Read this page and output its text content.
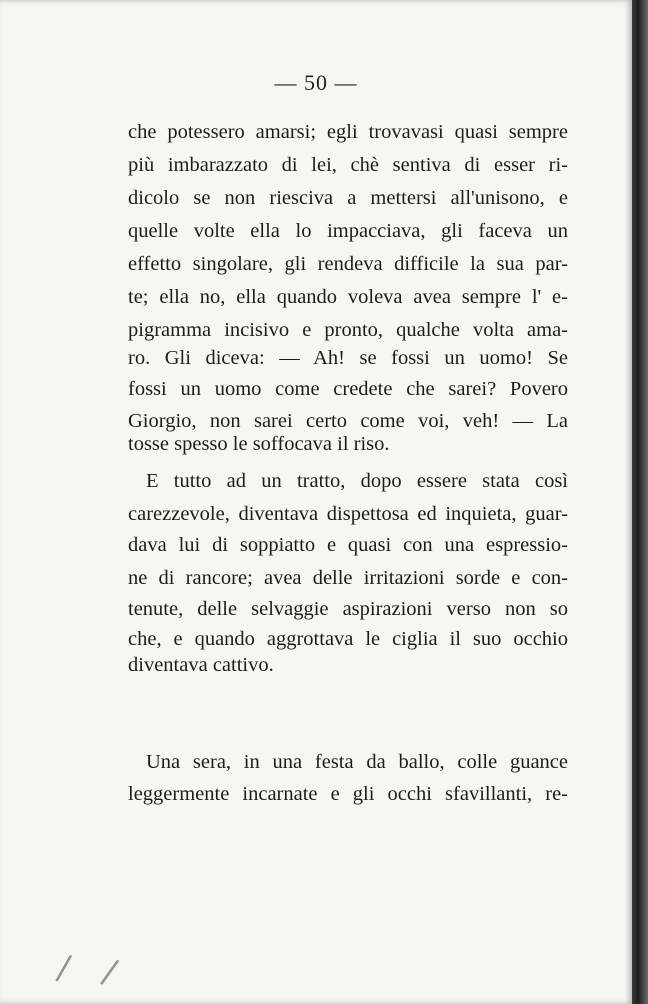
— 50 —
che potessero amarsi; egli trovavasi quasi sempre
più imbarazzato di lei, chè sentiva di esser ri-
dicolo se non riesciva a mettersi all'unisono, e
quelle volte ella lo impacciava, gli faceva un
effetto singolare, gli rendeva difficile la sua par-
te; ella no, ella quando voleva avea sempre l' e-
pigramma incisivo e pronto, qualche volta ama-
ro. Gli diceva: — Ah! se fossi un uomo! Se
fossi un uomo come credete che sarei? Povero
Giorgio, non sarei certo come voi, veh! — La
tosse spesso le soffocava il riso.
E tutto ad un tratto, dopo essere stata così
carezzevole, diventava dispettosa ed inquieta, guar-
dava lui di soppiatto e quasi con una espressio-
ne di rancore; avea delle irritazioni sorde e con-
tenute, delle selvaggie aspirazioni verso non so
che, e quando aggrottava le ciglia il suo occhio
diventava cattivo.
Una sera, in una festa da ballo, colle guance
leggermente incarnate e gli occhi sfavillanti, re-
/ /
